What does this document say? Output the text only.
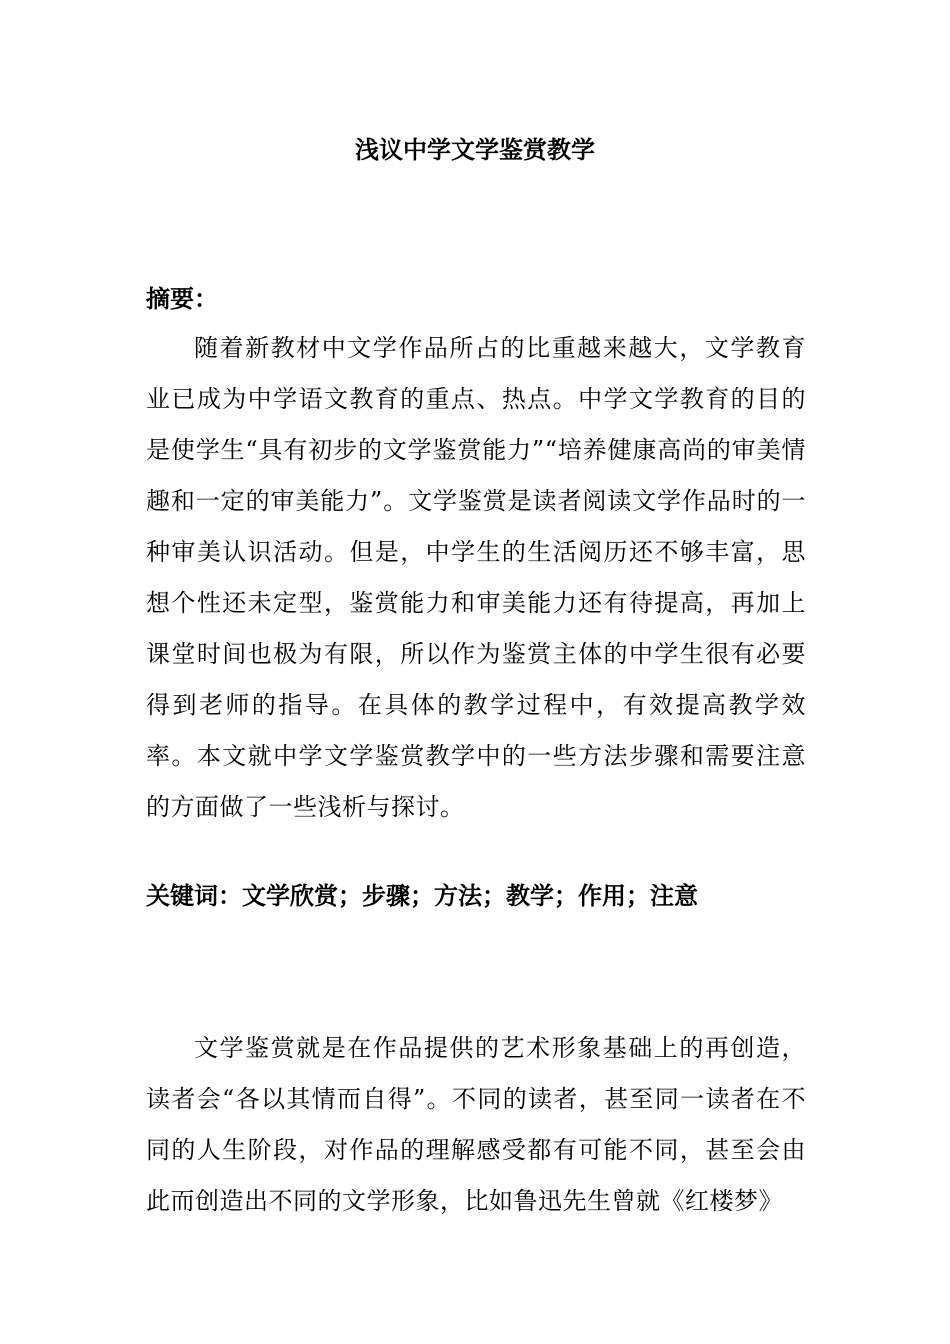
浅议中学文学鉴赏教学
摘要：

随着新教材中文学作品所占的比重越来越大，文学教育业已成为中学语文教育的重点、热点。中学文学教育的目的是使学生“具有初步的文学鉴赏能力”“培养健康高尚的审美情趣和一定的审美能力”。文学鉴赏是读者阅读文学作品时的一种审美认识活动。但是，中学生的生活阅历还不够丰富，思想个性还未定型，鉴赏能力和审美能力还有待提高，再加上课堂时间也极为有限，所以作为鉴赏主体的中学生很有必要得到老师的指导。在具体的教学过程中，有效提高教学效率。本文就中学文学鉴赏教学中的一些方法步骤和需要注意的方面做了一些浅析与探讨。

关键词：文学欣赏；步骤；方法；教学；作用；注意

文学鉴赏就是在作品提供的艺术形象基础上的再创造，读者会“各以其情而自得”。不同的读者，甚至同一读者在不同的人生阶段，对作品的理解感受都有可能不同，甚至会由此而创造出不同的文学形象，比如鲁迅先生曾就《红楼梦》
